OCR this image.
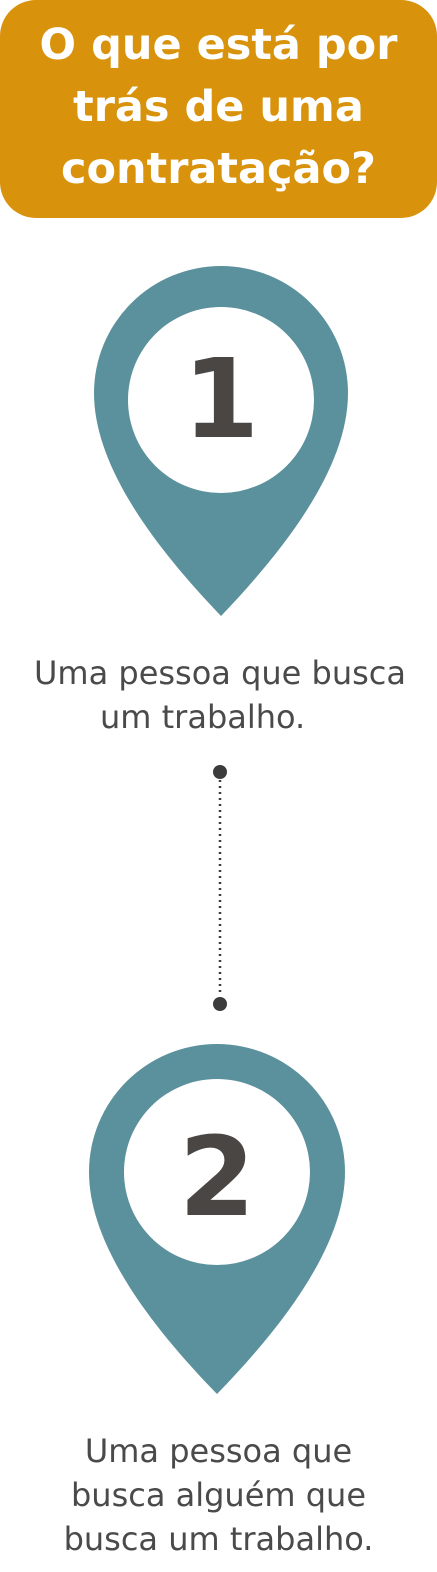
O que está por
trás de uma
contratação?
1
Uma pessoa que busca
um trabalho.
2
Uma pessoa que
busca alguém que
busca um trabalho.
